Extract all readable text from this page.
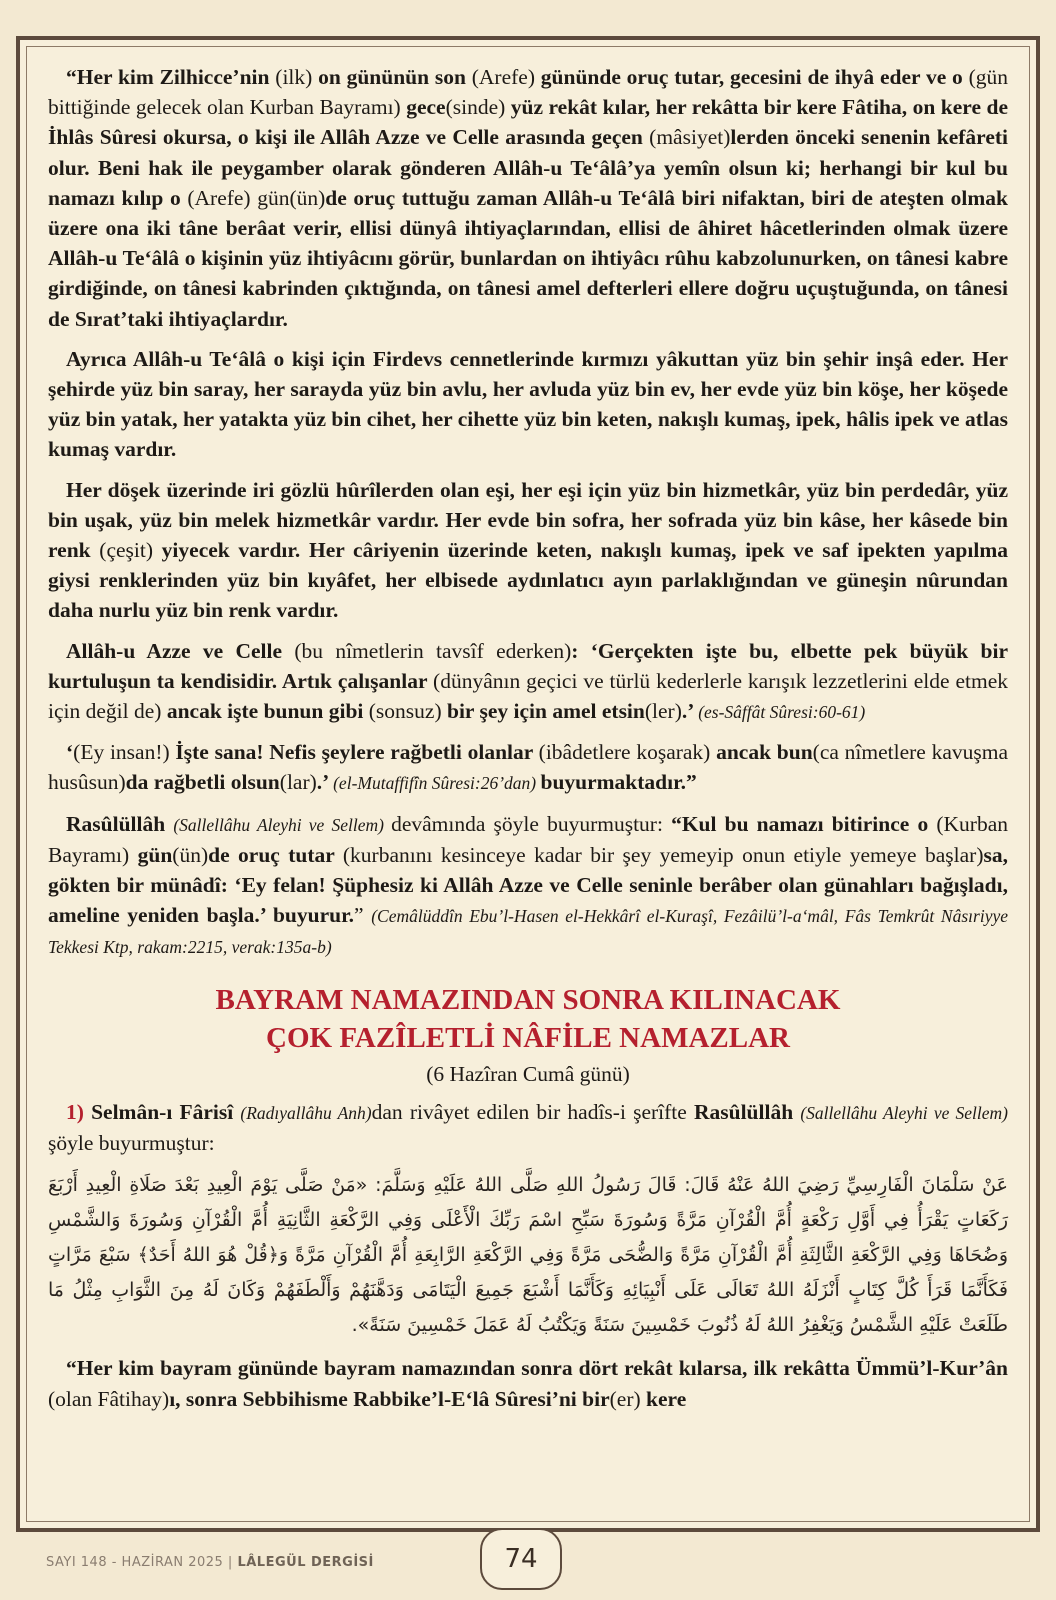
“Her kim Zilhicce’nin (ilk) on gününün son (Arefe) gününde oruç tutar, gecesini de ihyâ eder ve o (gün bittiğinde gelecek olan Kurban Bayramı) gece(sinde) yüz rekât kılar, her rekâtta bir kere Fâtiha, on kere de İhlâs Sûresi okursa, o kişi ile Allâh Azze ve Celle arasında geçen (mâsiyet)lerden önceki senenin kefâreti olur. Beni hak ile peygamber olarak gönderen Allâh-u Te‘âlâ’ya yemîn olsun ki; herhangi bir kul bu namazı kılıp o (Arefe) gün(ün)de oruç tuttuğu zaman Allâh-u Te‘âlâ biri nifaktan, biri de ateşten olmak üzere ona iki tâne berâat verir, ellisi dünyâ ihtiyaçlarından, ellisi de âhiret hâcetlerinden olmak üzere Allâh-u Te‘âlâ o kişinin yüz ihtiyâcını görür, bunlardan on ihtiyâcı rûhu kabzolunurken, on tânesi kabre girdiğinde, on tânesi kabrinden çıktığında, on tânesi amel defterleri ellere doğru uçuştuğunda, on tânesi de Sırat’taki ihtiyaçlardır.

Ayrıca Allâh-u Te‘âlâ o kişi için Firdevs cennetlerinde kırmızı yâkuttan yüz bin şehir inşâ eder. Her şehirde yüz bin saray, her sarayda yüz bin avlu, her avluda yüz bin ev, her evde yüz bin köşe, her köşede yüz bin yatak, her yatakta yüz bin cihet, her cihette yüz bin keten, nakışlı kumaş, ipek, hâlis ipek ve atlas kumaş vardır.

Her döşek üzerinde iri gözlü hûrîlerden olan eşi, her eşi için yüz bin hizmetkâr, yüz bin perdedâr, yüz bin uşak, yüz bin melek hizmetkâr vardır. Her evde bin sofra, her sofrada yüz bin kâse, her kâsede bin renk (çeşit) yiyecek vardır. Her câriyenin üzerinde keten, nakışlı kumaş, ipek ve saf ipekten yapılma giysi renklerinden yüz bin kıyâfet, her elbisede aydınlatıcı ayın parlaklığından ve güneşin nûrundan daha nurlu yüz bin renk vardır.

Allâh-u Azze ve Celle (bu nîmetlerin tavsîf ederken): ‘Gerçekten işte bu, elbette pek büyük bir kurtuluşun ta kendisidir. Artık çalışanlar (dünyânın geçici ve türlü kederlerle karışık lezzetlerini elde etmek için değil de) ancak işte bunun gibi (sonsuz) bir şey için amel etsin(ler).’ (es-Sâffât Sûresi:60-61)

‘(Ey insan!) İşte sana! Nefis şeylere rağbetli olanlar (ibâdetlere koşarak) ancak bun(ca nîmetlere kavuşma husûsun)da rağbetli olsun(lar).’ (el-Mutaffifîn Sûresi:26’dan) buyurmaktadır.”

Rasûlüllâh (Sallellâhu Aleyhi ve Sellem) devâmında şöyle buyurmuştur: “Kul bu namazı bitirince o (Kurban Bayramı) gün(ün)de oruç tutar (kurbanını kesinceye kadar bir şey yemeyip onun etiyle yemeye başlar)sa, gökten bir münâdî: ‘Ey felan! Şüphesiz ki Allâh Azze ve Celle seninle berâber olan günahları bağışladı, ameline yeniden başla.’ buyurur.” (Cemâlüddîn Ebu’l-Hasen el-Hekkârî el-Kuraşî, Fezâilü’l-a‘mâl, Fâs Temkrût Nâsıriyye Tekkesi Ktp, rakam:2215, verak:135a-b)

BAYRAM NAMAZINDAN SONRA KILINACAK
ÇOK FAZÎLETLİ NÂFİLE NAMAZLAR
(6 Hazîran Cumâ günü)

1) Selmân-ı Fârisî (Radıyallâhu Anh)dan rivâyet edilen bir hadîs-i şerîfte Rasûlüllâh (Sallellâhu Aleyhi ve Sellem) şöyle buyurmuştur:

عَنْ سَلْمَانَ الْفَارِسِيِّ رَضِيَ اللهُ عَنْهُ قَالَ: قَالَ رَسُولُ اللهِ صَلَّى اللهُ عَلَيْهِ وَسَلَّمَ: «مَنْ صَلَّى يَوْمَ الْعِيدِ بَعْدَ صَلَاةِ الْعِيدِ أَرْبَعَ رَكَعَاتٍ يَقْرَأُ فِي أَوَّلِ رَكْعَةٍ أُمَّ الْقُرْآنِ مَرَّةً وَسُورَةَ سَبِّحِ اسْمَ رَبِّكَ الْأَعْلَى وَفِي الرَّكْعَةِ الثَّانِيَةِ أُمَّ الْقُرْآنِ وَسُورَةَ وَالشَّمْسِ وَضُحَاهَا وَفِي الرَّكْعَةِ الثَّالِثَةِ أُمَّ الْقُرْآنِ مَرَّةً وَالضُّحَى مَرَّةً وَفِي الرَّكْعَةِ الرَّابِعَةِ أُمَّ الْقُرْآنِ مَرَّةً وَ﴿قُلْ هُوَ اللهُ أَحَدٌ﴾ سَبْعَ مَرَّاتٍ فَكَأَنَّمَا قَرَأَ كُلَّ كِتَابٍ أَنْزَلَهُ اللهُ تَعَالَى عَلَى أَنْبِيَائِهِ وَكَأَنَّمَا أَشْبَعَ جَمِيعَ الْيَتَامَى وَدَهَّنَهُمْ وَأَلْطَفَهُمْ وَكَانَ لَهُ مِنَ الثَّوَابِ مِثْلُ مَا طَلَعَتْ عَلَيْهِ الشَّمْسُ وَيَغْفِرُ اللهُ لَهُ ذُنُوبَ خَمْسِينَ سَنَةً وَيَكْتُبُ لَهُ عَمَلَ خَمْسِينَ سَنَةً».

“Her kim bayram gününde bayram namazından sonra dört rekât kılarsa, ilk rekâtta Ümmü’l-Kur’ân (olan Fâtihay)ı, sonra Sebbihisme Rabbike’l-E‘lâ Sûresi’ni bir(er) kere

SAYI 148 - HAZİRAN 2025 | LÂLEGÜL DERGİSİ	74
